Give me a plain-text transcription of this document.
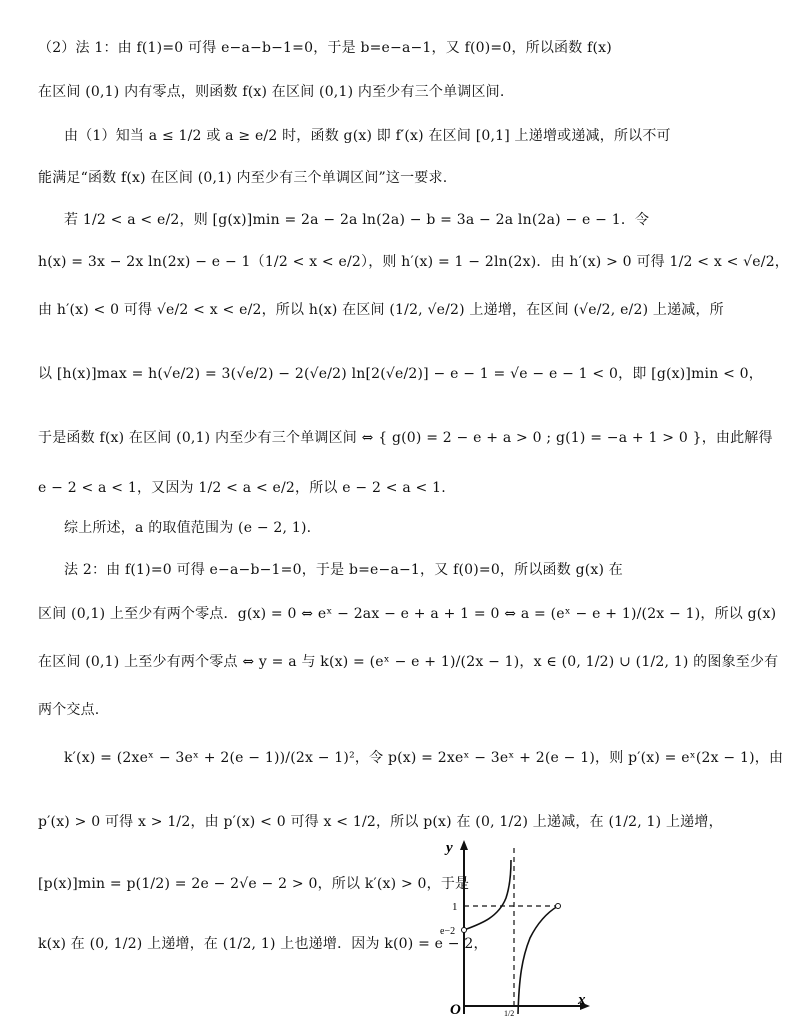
（2）法 1：由 f(1)=0 可得 e−a−b−1=0，于是 b=e−a−1，又 f(0)=0，所以函数 f(x)
在区间 (0,1) 内有零点，则函数 f(x) 在区间 (0,1) 内至少有三个单调区间.
由（1）知当 a ≤ 1/2 或 a ≥ e/2 时，函数 g(x) 即 f′(x) 在区间 [0,1] 上递增或递减，所以不可
能满足“函数 f(x) 在区间 (0,1) 内至少有三个单调区间”这一要求.
若 1/2 < a < e/2，则 [g(x)]min = 2a − 2a ln(2a) − b = 3a − 2a ln(2a) − e − 1．令
h(x) = 3x − 2x ln(2x) − e − 1（1/2 < x < e/2），则 h′(x) = 1 − 2ln(2x)．由 h′(x) > 0 可得 1/2 < x < √e/2，
由 h′(x) < 0 可得 √e/2 < x < e/2，所以 h(x) 在区间 (1/2, √e/2) 上递增，在区间 (√e/2, e/2) 上递减，所
以 [h(x)]max = h(√e/2) = 3(√e/2) − 2(√e/2) ln[2(√e/2)] − e − 1 = √e − e − 1 < 0，即 [g(x)]min < 0，
于是函数 f(x) 在区间 (0,1) 内至少有三个单调区间 ⇔ { g(0) = 2 − e + a > 0 ; g(1) = −a + 1 > 0 }，由此解得
e − 2 < a < 1，又因为 1/2 < a < e/2，所以 e − 2 < a < 1.
综上所述，a 的取值范围为 (e − 2, 1).
法 2：由 f(1)=0 可得 e−a−b−1=0，于是 b=e−a−1，又 f(0)=0，所以函数 g(x) 在
区间 (0,1) 上至少有两个零点．g(x) = 0 ⇔ eˣ − 2ax − e + a + 1 = 0 ⇔ a = (eˣ − e + 1)/(2x − 1)，所以 g(x)
在区间 (0,1) 上至少有两个零点 ⇔ y = a 与 k(x) = (eˣ − e + 1)/(2x − 1)，x ∈ (0, 1/2) ∪ (1/2, 1) 的图象至少有
两个交点.
k′(x) = (2xeˣ − 3eˣ + 2(e − 1))/(2x − 1)²，令 p(x) = 2xeˣ − 3eˣ + 2(e − 1)，则 p′(x) = eˣ(2x − 1)，由
p′(x) > 0 可得 x > 1/2，由 p′(x) < 0 可得 x < 1/2，所以 p(x) 在 (0, 1/2) 上递减，在 (1/2, 1) 上递增，
[p(x)]min = p(1/2) = 2e − 2√e − 2 > 0，所以 k′(x) > 0，于是
k(x) 在 (0, 1/2) 上递增，在 (1/2, 1) 上也递增．因为 k(0) = e − 2，
y
x
O
1
e−2
1/2
